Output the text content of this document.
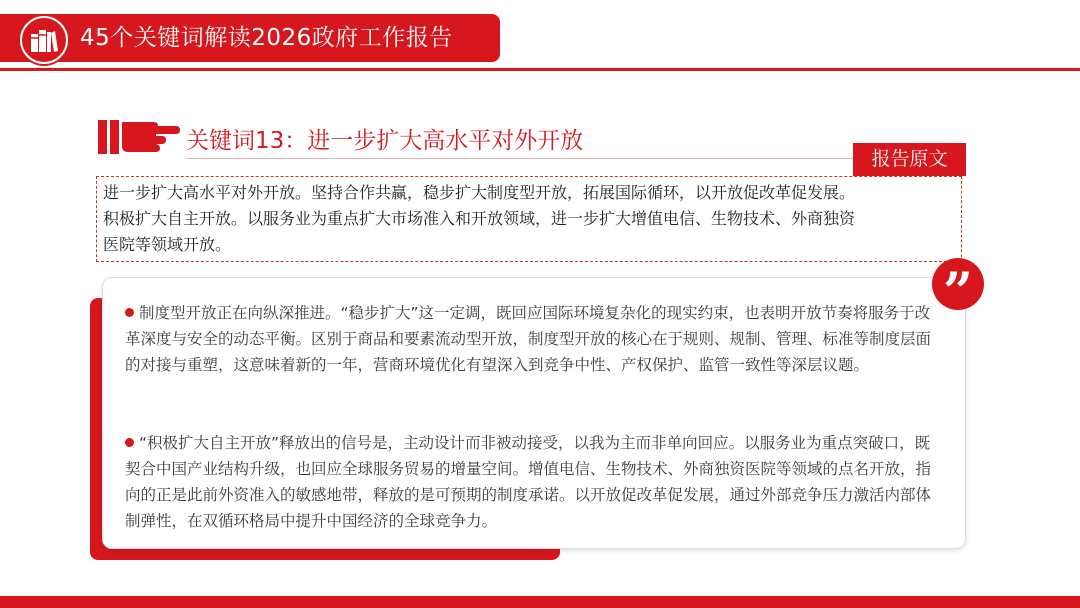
45个关键词解读2026政府工作报告
关键词13：进一步扩大高水平对外开放
报告原文

进一步扩大高水平对外开放。坚持合作共赢，稳步扩大制度型开放，拓展国际循环，以开放促改革促发展。
积极扩大自主开放。以服务业为重点扩大市场准入和开放领域，进一步扩大增值电信、生物技术、外商独资
医院等领域开放。

制度型开放正在向纵深推进。“稳步扩大”这一定调，既回应国际环境复杂化的现实约束，也表明开放节奏将服务于改革深度与安全的动态平衡。区别于商品和要素流动型开放，制度型开放的核心在于规则、规制、管理、标准等制度层面的对接与重塑，这意味着新的一年，营商环境优化有望深入到竞争中性、产权保护、监管一致性等深层议题。

“积极扩大自主开放”释放出的信号是，主动设计而非被动接受，以我为主而非单向回应。以服务业为重点突破口，既契合中国产业结构升级，也回应全球服务贸易的增量空间。增值电信、生物技术、外商独资医院等领域的点名开放，指向的正是此前外资准入的敏感地带，释放的是可预期的制度承诺。以开放促改革促发展，通过外部竞争压力激活内部体制弹性，在双循环格局中提升中国经济的全球竞争力。

”
